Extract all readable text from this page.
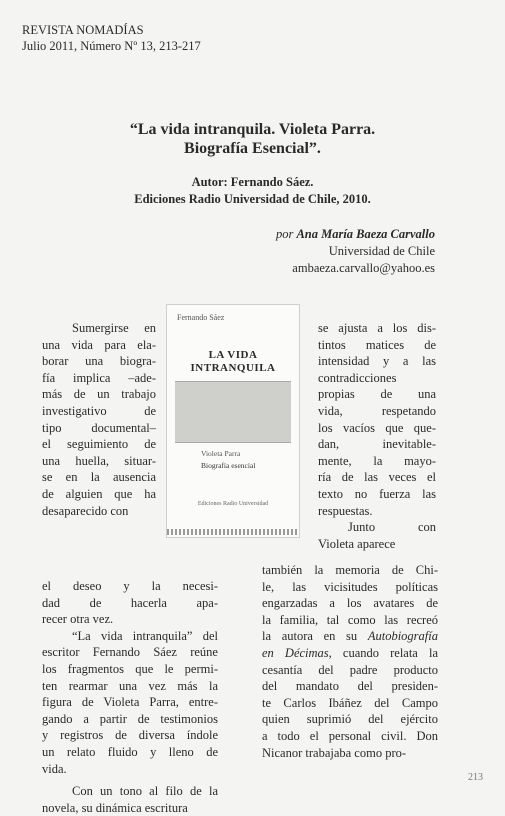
REVISTA NOMADÍAS
Julio 2011, Número Nº 13, 213-217
“La vida intranquila. Violeta Parra.
Biografía Esencial”.
Autor: Fernando Sáez.
Ediciones Radio Universidad de Chile, 2010.
por Ana María Baeza Carvallo
Universidad de Chile
ambaeza.carvallo@yahoo.es
Fernando Sáez
LA VIDA
INTRANQUILA
Violeta Parra
Biografía esencial
Ediciones Radio Universidad
Sumergirse en
una vida para ela-
borar una biogra-
fía implica –ade-
más de un trabajo
investigativo de
tipo documental–
el seguimiento de
una huella, situar-
se en la ausencia
de alguien que ha
desaparecido con
el deseo y la necesi-
dad de hacerla apa-
recer otra vez.
“La vida intranquila” del
escritor Fernando Sáez reúne
los fragmentos que le permi-
ten rearmar una vez más la
figura de Violeta Parra, entre-
gando a partir de testimonios
y registros de diversa índole
un relato fluido y lleno de
vida.
Con un tono al filo de la
novela, su dinámica escritura
se ajusta a los dis-
tintos matices de
intensidad y a las
contradicciones
propias de una
vida, respetando
los vacíos que que-
dan, inevitable-
mente, la mayo-
ría de las veces el
texto no fuerza las
respuestas.
Junto con
Violeta aparece
también la memoria de Chi-
le, las vicisitudes políticas
engarzadas a los avatares de
la familia, tal como las recreó
la autora en su Autobiografía
en Décimas, cuando relata la
cesantía del padre producto
del mandato del presiden-
te Carlos Ibáñez del Campo
quien suprimió del ejército
a todo el personal civil. Don
Nicanor trabajaba como pro-
213
